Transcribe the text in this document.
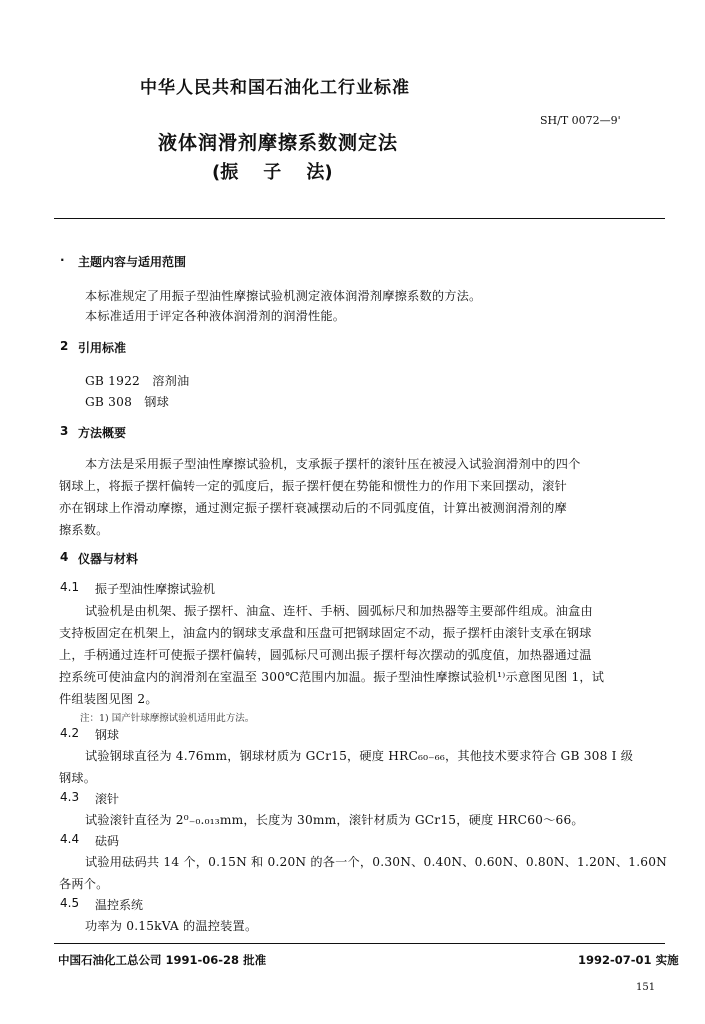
中华人民共和国石油化工行业标准
SH/T 0072—9'
液体润滑剂摩擦系数测定法
(振    子    法)
· 主题内容与适用范围
本标准规定了用振子型油性摩擦试验机测定液体润滑剂摩擦系数的方法。
本标准适用于评定各种液体润滑剂的润滑性能。
2 引用标准
GB 1922   溶剂油
GB 308   钢球
3 方法概要
本方法是采用振子型油性摩擦试验机，支承振子摆杆的滚针压在被浸入试验润滑剂中的四个
钢球上，将振子摆杆偏转一定的弧度后，振子摆杆便在势能和惯性力的作用下来回摆动，滚针
亦在钢球上作滑动摩擦，通过测定振子摆杆衰减摆动后的不同弧度值，计算出被测润滑剂的摩
擦系数。
4 仪器与材料
4.1 振子型油性摩擦试验机
试验机是由机架、振子摆杆、油盒、连杆、手柄、圆弧标尺和加热器等主要部件组成。油盒由
支持板固定在机架上，油盒内的钢球支承盘和压盘可把钢球固定不动，振子摆杆由滚针支承在钢球
上，手柄通过连杆可使振子摆杆偏转，圆弧标尺可测出振子摆杆每次摆动的弧度值，加热器通过温
控系统可使油盒内的润滑剂在室温至 300℃范围内加温。振子型油性摩擦试验机¹⁾示意图见图 1，试
件组装图见图 2。
注：1) 国产针球摩擦试验机适用此方法。
4.2 钢球
试验钢球直径为 4.76mm，钢球材质为 GCr15，硬度 HRC₆₀₋₆₆，其他技术要求符合 GB 308 Ⅰ 级
钢球。
4.3 滚针
试验滚针直径为 2⁰₋₀.₀₁₃mm，长度为 30mm，滚针材质为 GCr15，硬度 HRC60～66。
4.4 砝码
试验用砝码共 14 个，0.15N 和 0.20N 的各一个，0.30N、0.40N、0.60N、0.80N、1.20N、1.60N
各两个。
4.5 温控系统
功率为 0.15kVA 的温控装置。
中国石油化工总公司 1991-06-28 批准	1992-07-01 实施
151
